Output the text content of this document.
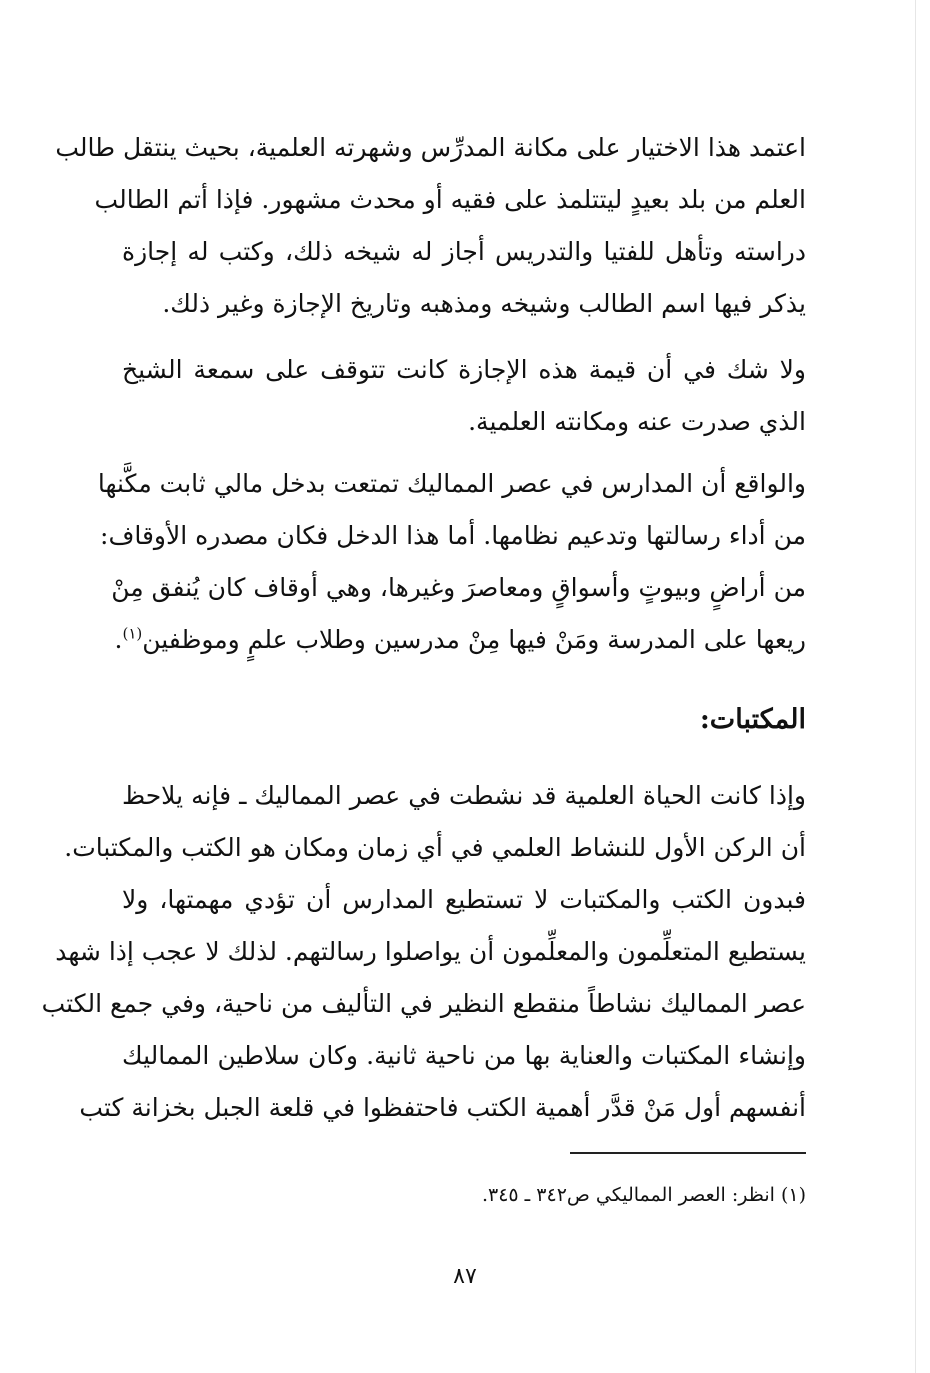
اعتمد هذا الاختيار على مكانة المدرِّس وشهرته العلمية، بحيث ينتقل طالب
العلم من بلد بعيدٍ ليتتلمذ على فقيه أو محدث مشهور. فإذا أتم الطالب
دراسته وتأهل للفتيا والتدريس أجاز له شيخه ذلك، وكتب له إجازة
يذكر فيها اسم الطالب وشيخه ومذهبه وتاريخ الإجازة وغير ذلك.
ولا شك في أن قيمة هذه الإجازة كانت تتوقف على سمعة الشيخ
الذي صدرت عنه ومكانته العلمية.
والواقع أن المدارس في عصر المماليك تمتعت بدخل مالي ثابت مكَّنها
من أداء رسالتها وتدعيم نظامها. أما هذا الدخل فكان مصدره الأوقاف:
من أراضٍ وبيوتٍ وأسواقٍ ومعاصرَ وغيرها، وهي أوقاف كان يُنفق مِنْ
ريعها على المدرسة ومَنْ فيها مِنْ مدرسين وطلاب علمٍ وموظفين$^{(١)}$.
المكتبات:
وإذا كانت الحياة العلمية قد نشطت في عصر المماليك ـ فإنه يلاحظ
أن الركن الأول للنشاط العلمي في أي زمان ومكان هو الكتب والمكتبات.
فبدون الكتب والمكتبات لا تستطيع المدارس أن تؤدي مهمتها، ولا
يستطيع المتعلِّمون والمعلِّمون أن يواصلوا رسالتهم. لذلك لا عجب إذا شهد
عصر المماليك نشاطاً منقطع النظير في التأليف من ناحية، وفي جمع الكتب
وإنشاء المكتبات والعناية بها من ناحية ثانية. وكان سلاطين المماليك
أنفسهم أول مَنْ قدَّر أهمية الكتب فاحتفظوا في قلعة الجبل بخزانة كتب
(١) انظر: العصر المماليكي ص٣٤٢ ـ ٣٤٥.
٨٧
